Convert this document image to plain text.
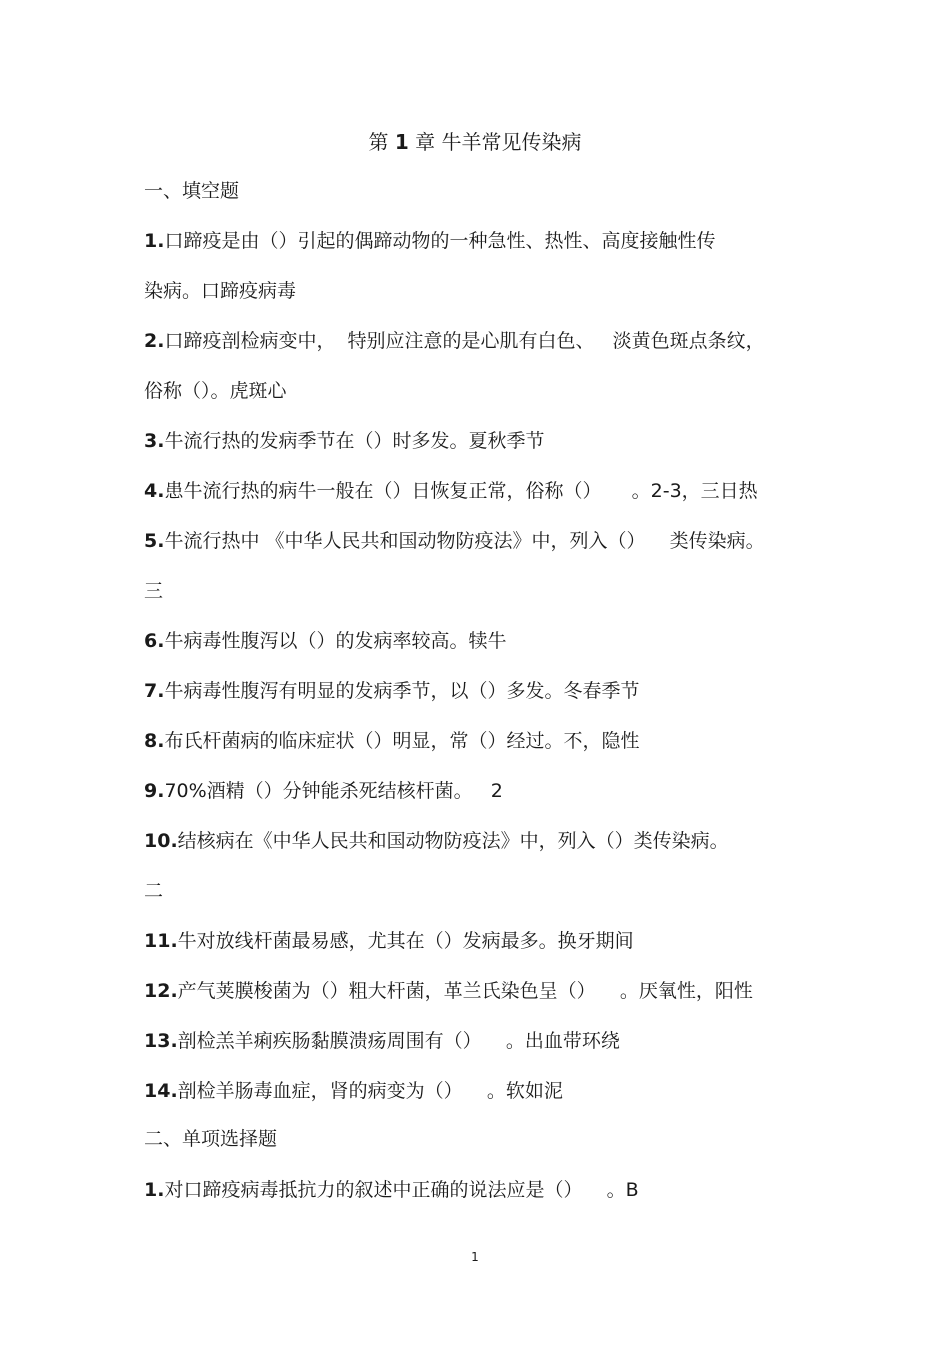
第 1 章 牛羊常见传染病
一、填空题
1.口蹄疫是由（）引起的偶蹄动物的一种急性、热性、高度接触性传
染病。口蹄疫病毒
2.口蹄疫剖检病变中，  特别应注意的是心肌有白色、   淡黄色斑点条纹，
俗称（）。虎斑心
3.牛流行热的发病季节在（）时多发。夏秋季节
4.患牛流行热的病牛一般在（）日恢复正常，俗称（）     。2-3，三日热
5.牛流行热中 《中华人民共和国动物防疫法》中，列入（）    类传染病。
三
6.牛病毒性腹泻以（）的发病率较高。犊牛
7.牛病毒性腹泻有明显的发病季节，以（）多发。冬春季节
8.布氏杆菌病的临床症状（）明显，常（）经过。不，隐性
9.70%酒精（）分钟能杀死结核杆菌。   2
10.结核病在《中华人民共和国动物防疫法》中，列入（）类传染病。
二
11.牛对放线杆菌最易感，尤其在（）发病最多。换牙期间
12.产气荚膜梭菌为（）粗大杆菌，革兰氏染色呈（）    。厌氧性，阳性
13.剖检羔羊痢疾肠黏膜溃疡周围有（）    。出血带环绕
14.剖检羊肠毒血症，肾的病变为（）    。软如泥
二、单项选择题
1.对口蹄疫病毒抵抗力的叙述中正确的说法应是（）    。B
1
